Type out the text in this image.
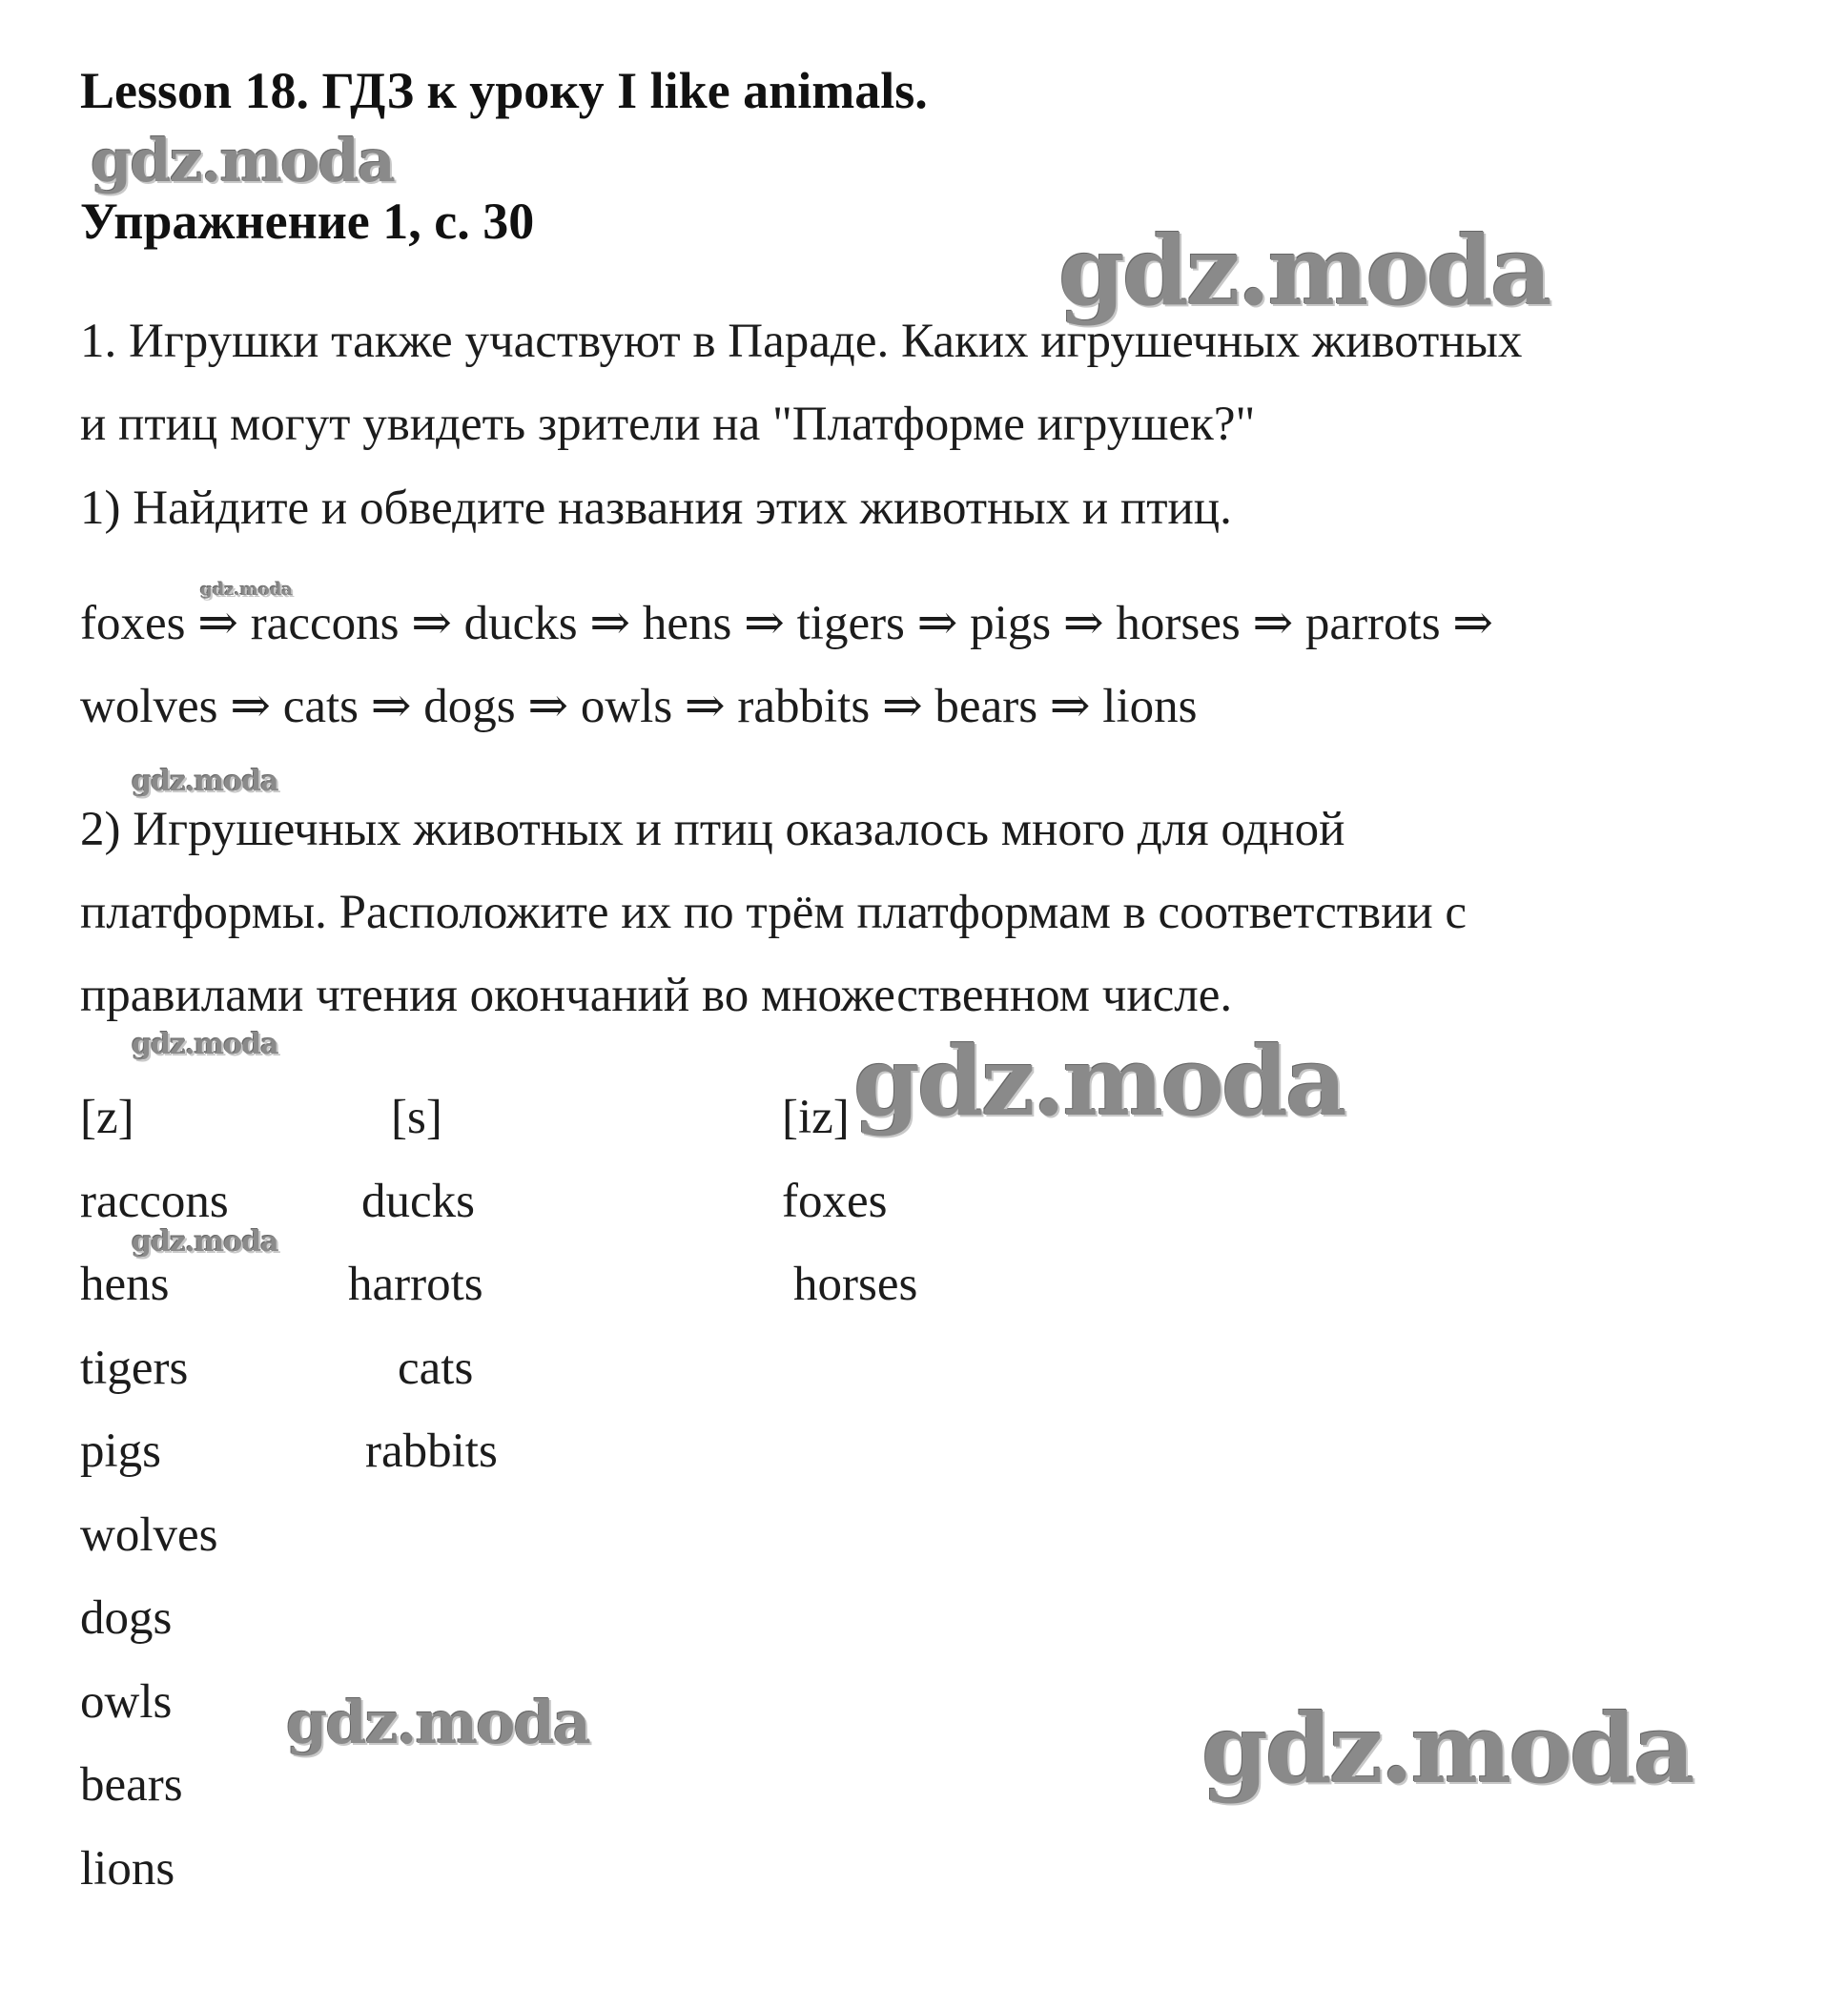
Lesson 18. ГДЗ к уроку I like animals.
Упражнение 1, с. 30
1. Игрушки также участвуют в Параде. Каких игрушечных животных
и птиц могут увидеть зрители на "Платформе игрушек?"
1) Найдите и обведите названия этих животных и птиц.
foxes ⇒ raccons ⇒ ducks ⇒ hens ⇒ tigers ⇒ pigs ⇒ horses ⇒ parrots ⇒
wolves ⇒ cats ⇒ dogs ⇒ owls ⇒ rabbits ⇒ bears ⇒ lions
2) Игрушечных животных и птиц оказалось много для одной
платформы. Расположите их по трём платформам в соответствии с
правилами чтения окончаний во множественном числе.
[z]
raccons
hens
tigers
pigs
wolves
dogs
owls
bears
lions
[s]
ducks
harrots
cats
rabbits
[iz]
foxes
horses
gdz.moda
gdz.moda
gdz.moda
gdz.moda
gdz.moda	gdz.moda
gdz.moda
gdz.moda	gdz.moda
